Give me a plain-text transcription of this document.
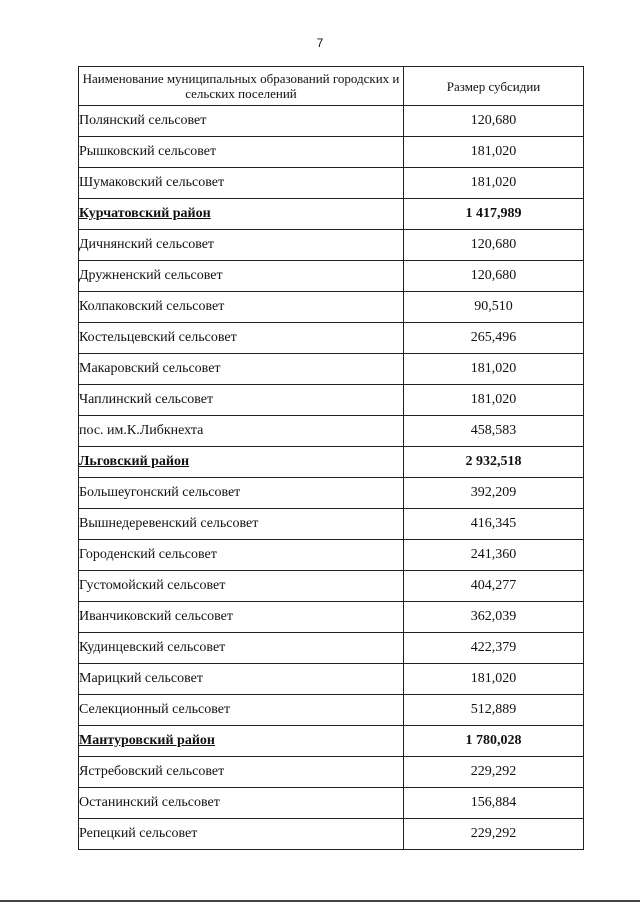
7
Наименование муниципальных образований городских и сельских поселений	Размер субсидии
Полянский сельсовет	120,680
Рышковский сельсовет	181,020
Шумаковский сельсовет	181,020
Курчатовский район	1 417,989
Дичнянский сельсовет	120,680
Дружненский сельсовет	120,680
Колпаковский сельсовет	90,510
Костельцевский сельсовет	265,496
Макаровский сельсовет	181,020
Чаплинский сельсовет	181,020
пос. им.К.Либкнехта	458,583
Льговский район	2 932,518
Большеугонский сельсовет	392,209
Вышнедеревенский сельсовет	416,345
Городенский сельсовет	241,360
Густомойский сельсовет	404,277
Иванчиковский сельсовет	362,039
Кудинцевский сельсовет	422,379
Марицкий сельсовет	181,020
Селекционный сельсовет	512,889
Мантуровский район	1 780,028
Ястребовский сельсовет	229,292
Останинский сельсовет	156,884
Репецкий сельсовет	229,292
